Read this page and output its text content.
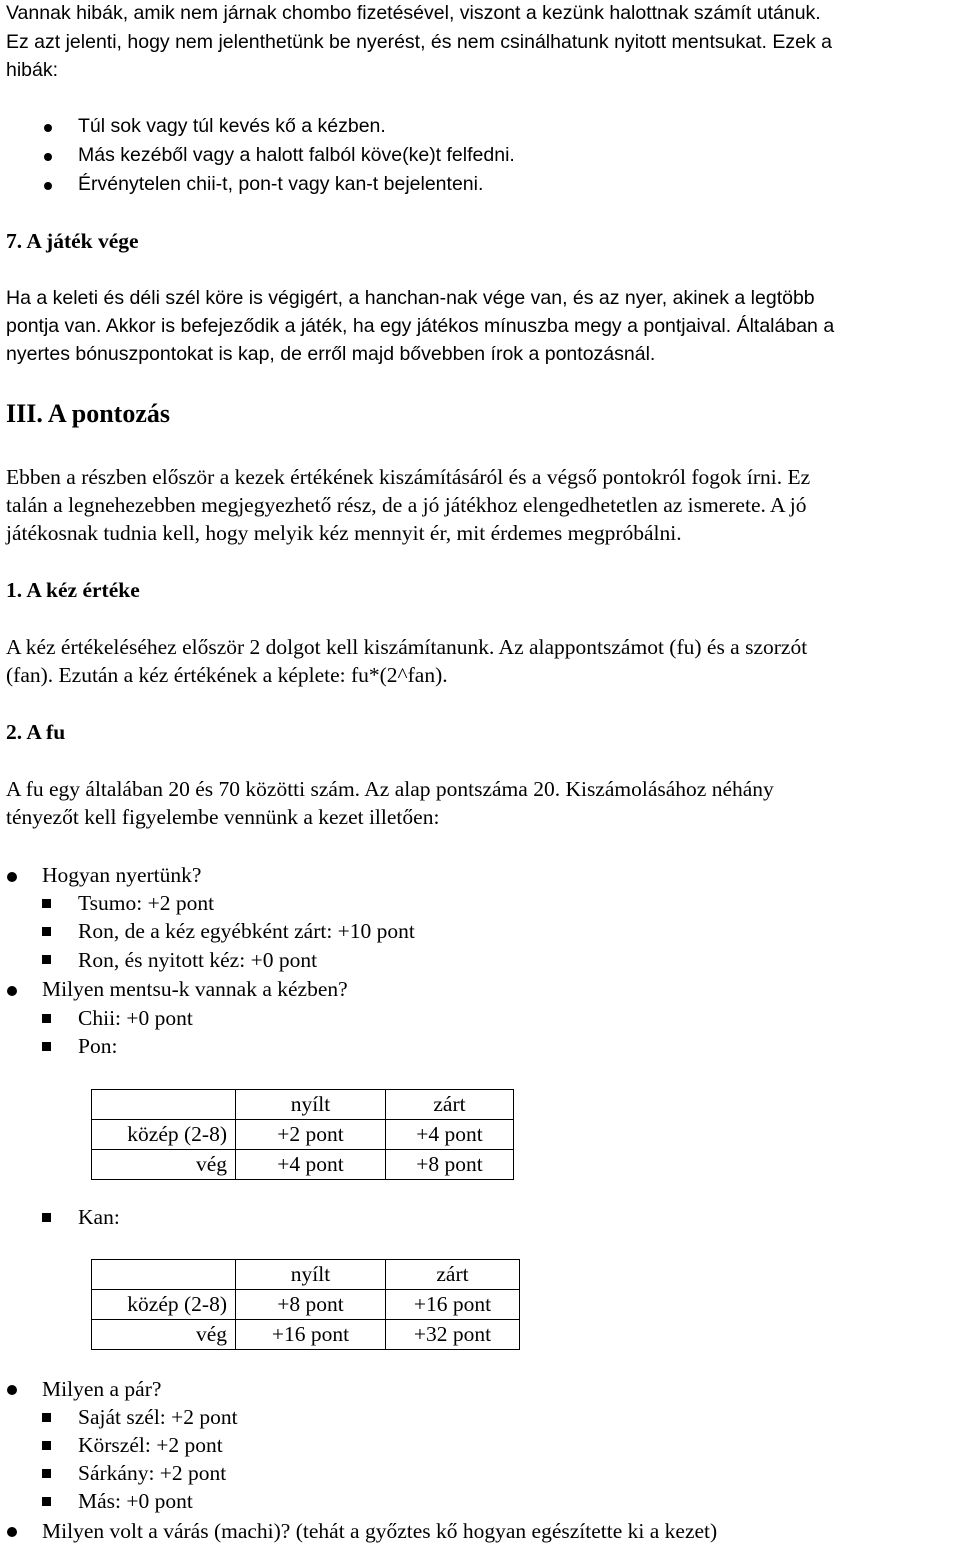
Vannak hibák, amik nem járnak chombo fizetésével, viszont a kezünk halottnak számít utánuk.

Ez azt jelenti, hogy nem jelenthetünk be nyerést, és nem csinálhatunk nyitott mentsukat. Ezek a

hibák:

Túl sok vagy túl kevés kő a kézben.

Más kezéből vagy a halott falból köve(ke)t felfedni.

Érvénytelen chii-t, pon-t vagy kan-t bejelenteni.

7. A játék vége

Ha a keleti és déli szél köre is végigért, a hanchan-nak vége van, és az nyer, akinek a legtöbb

pontja van. Akkor is befejeződik a játék, ha egy játékos mínuszba megy a pontjaival. Általában a

nyertes bónuszpontokat is kap, de erről majd bővebben írok a pontozásnál.

III. A pontozás

Ebben a részben először a kezek értékének kiszámításáról és a végső pontokról fogok írni. Ez

talán a legnehezebben megjegyezhető rész, de a jó játékhoz elengedhetetlen az ismerete. A jó

játékosnak tudnia kell, hogy melyik kéz mennyit ér, mit érdemes megpróbálni.

1. A kéz értéke

A kéz értékeléséhez először 2 dolgot kell kiszámítanunk. Az alappontszámot (fu) és a szorzót

(fan). Ezután a kéz értékének a képlete: fu*(2^fan).

2. A fu

A fu egy általában 20 és 70 közötti szám. Az alap pontszáma 20. Kiszámolásához néhány

tényezőt kell figyelembe vennünk a kezet illetően:

Hogyan nyertünk?

Tsumo: +2 pont

Ron, de a kéz egyébként zárt: +10 pont

Ron, és nyitott kéz: +0 pont

Milyen mentsu-k vannak a kézben?

Chii: +0 pont

Pon:

	nyílt	zárt
közép (2-8)	+2 pont	+4 pont
vég	+4 pont	+8 pont

Kan:

	nyílt	zárt
közép (2-8)	+8 pont	+16 pont
vég	+16 pont	+32 pont

Milyen a pár?

Saját szél: +2 pont

Körszél: +2 pont

Sárkány: +2 pont

Más: +0 pont

Milyen volt a várás (machi)? (tehát a győztes kő hogyan egészítette ki a kezet)
